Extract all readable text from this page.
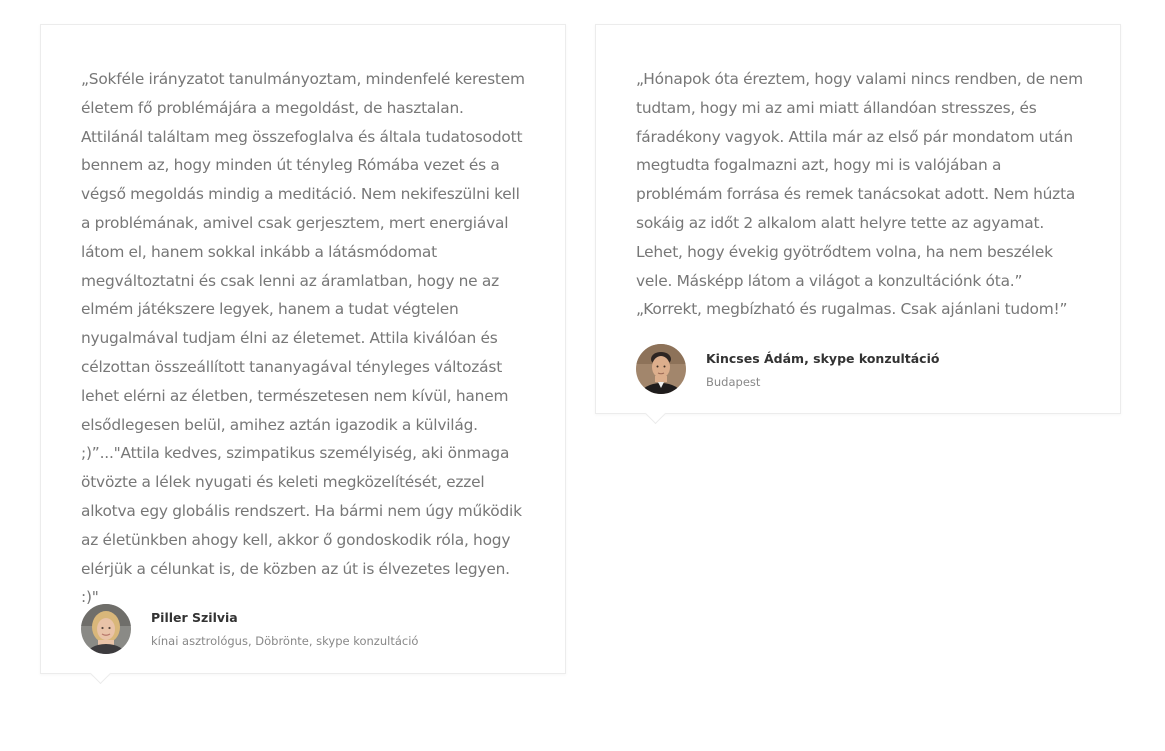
„Sokféle irányzatot tanulmányoztam, mindenfelé kerestem életem fő problémájára a megoldást, de hasztalan. Attilánál találtam meg összefoglalva és általa tudatosodott bennem az, hogy minden út tényleg Rómába vezet és a végső megoldás mindig a meditáció. Nem nekifeszülni kell a problémának, amivel csak gerjesztem, mert energiával látom el, hanem sokkal inkább a látásmódomat megváltoztatni és csak lenni az áramlatban, hogy ne az elmém játékszere legyek, hanem a tudat végtelen nyugalmával tudjam élni az életemet. Attila kiválóan és célzottan összeállított tananyagával tényleges változást lehet elérni az életben, természetesen nem kívül, hanem elsődlegesen belül, amihez aztán igazodik a külvilág. ;)”..."Attila kedves, szimpatikus személyiség, aki önmaga ötvözte a lélek nyugati és keleti megközelítését, ezzel alkotva egy globális rendszert. Ha bármi nem úgy működik az életünkben ahogy kell, akkor ő gondoskodik róla, hogy elérjük a célunkat is, de közben az út is élvezetes legyen. :)"

Piller Szilvia
kínai asztrológus, Döbrönte, skype konzultáció

„Hónapok óta éreztem, hogy valami nincs rendben, de nem tudtam, hogy mi az ami miatt állandóan stresszes, és fáradékony vagyok. Attila már az első pár mondatom után megtudta fogalmazni azt, hogy mi is valójában a problémám forrása és remek tanácsokat adott. Nem húzta sokáig az időt 2 alkalom alatt helyre tette az agyamat. Lehet, hogy évekig gyötrődtem volna, ha nem beszélek vele. Másképp látom a világot a konzultációnk óta.” „Korrekt, megbízható és rugalmas. Csak ajánlani tudom!”

Kincses Ádám, skype konzultáció
Budapest
